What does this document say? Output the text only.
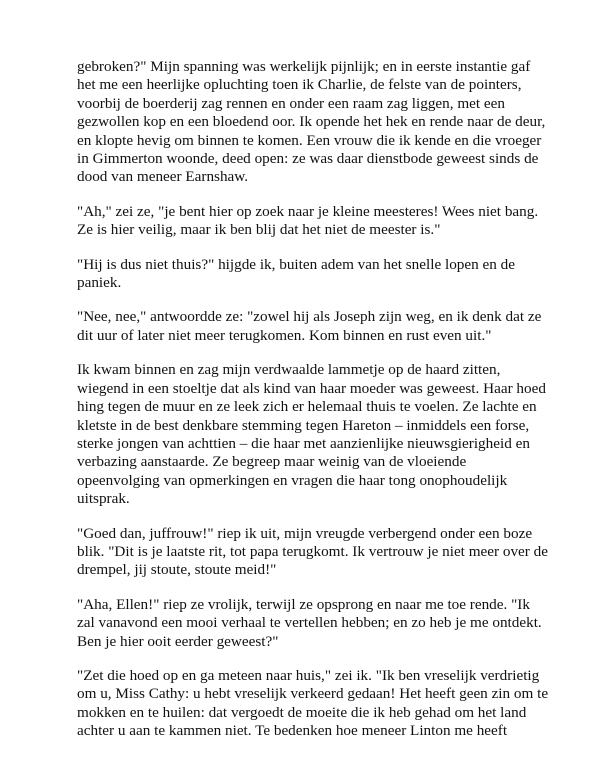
gebroken?" Mijn spanning was werkelijk pijnlijk; en in eerste instantie gaf het me een heerlijke opluchting toen ik Charlie, de felste van de pointers, voorbij de boerderij zag rennen en onder een raam zag liggen, met een gezwollen kop en een bloedend oor. Ik opende het hek en rende naar de deur, en klopte hevig om binnen te komen. Een vrouw die ik kende en die vroeger in Gimmerton woonde, deed open: ze was daar dienstbode geweest sinds de dood van meneer Earnshaw.

"Ah," zei ze, "je bent hier op zoek naar je kleine meesteres! Wees niet bang. Ze is hier veilig, maar ik ben blij dat het niet de meester is."

"Hij is dus niet thuis?" hijgde ik, buiten adem van het snelle lopen en de paniek.

"Nee, nee," antwoordde ze: "zowel hij als Joseph zijn weg, en ik denk dat ze dit uur of later niet meer terugkomen. Kom binnen en rust even uit."

Ik kwam binnen en zag mijn verdwaalde lammetje op de haard zitten, wiegend in een stoeltje dat als kind van haar moeder was geweest. Haar hoed hing tegen de muur en ze leek zich er helemaal thuis te voelen. Ze lachte en kletste in de best denkbare stemming tegen Hareton – inmiddels een forse, sterke jongen van achttien – die haar met aanzienlijke nieuwsgierigheid en verbazing aanstaarde. Ze begreep maar weinig van de vloeiende opeenvolging van opmerkingen en vragen die haar tong onophoudelijk uitsprak.

"Goed dan, juffrouw!" riep ik uit, mijn vreugde verbergend onder een boze blik. "Dit is je laatste rit, tot papa terugkomt. Ik vertrouw je niet meer over de drempel, jij stoute, stoute meid!"

"Aha, Ellen!" riep ze vrolijk, terwijl ze opsprong en naar me toe rende. "Ik zal vanavond een mooi verhaal te vertellen hebben; en zo heb je me ontdekt. Ben je hier ooit eerder geweest?"

"Zet die hoed op en ga meteen naar huis," zei ik. "Ik ben vreselijk verdrietig om u, Miss Cathy: u hebt vreselijk verkeerd gedaan! Het heeft geen zin om te mokken en te huilen: dat vergoedt de moeite die ik heb gehad om het land achter u aan te kammen niet. Te bedenken hoe meneer Linton me heeft
